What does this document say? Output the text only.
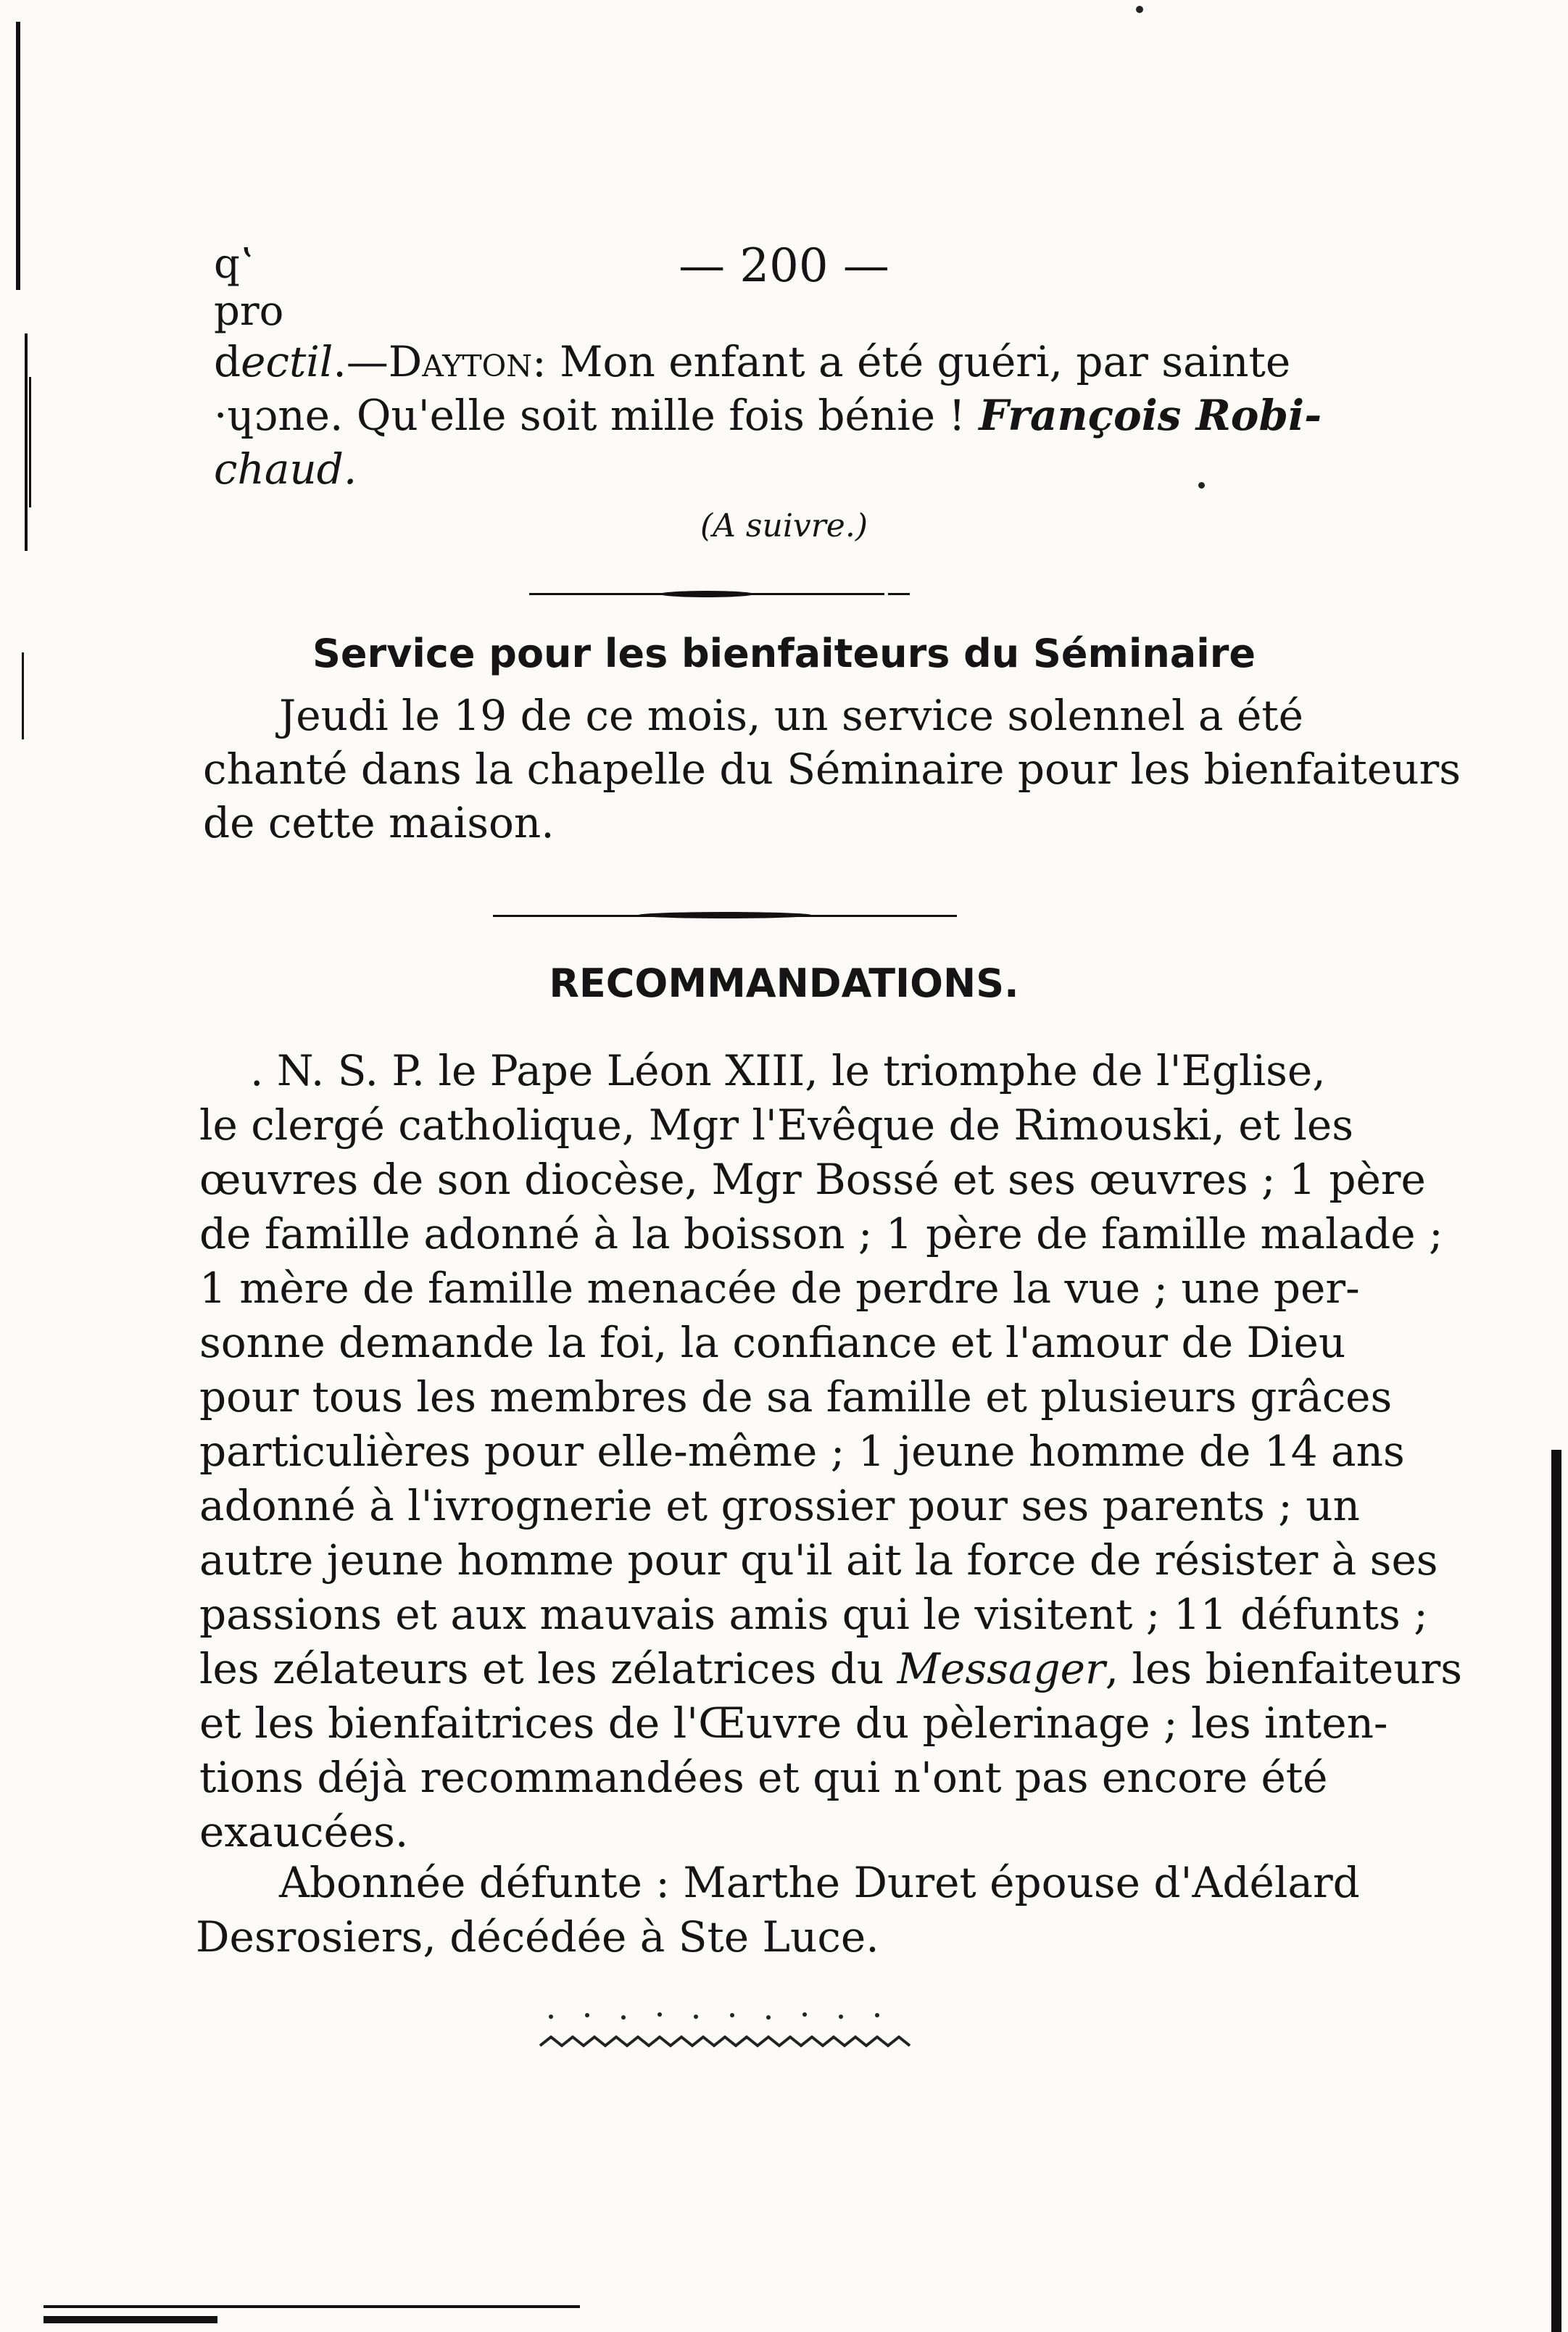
— 200 —
qʽ
pro
dectil.—Dayton: Mon enfant a été guéri, par sainte
·ɥɔne. Qu'elle soit mille fois bénie ! François Robi-
chaud.
(A suivre.)
Service pour les bienfaiteurs du Séminaire
Jeudi le 19 de ce mois, un service solennel a été
chanté dans la chapelle du Séminaire pour les bienfaiteurs
de cette maison.
RECOMMANDATIONS.
. N. S. P. le Pape Léon XIII, le triomphe de l'Eglise,
le clergé catholique, Mgr l'Evêque de Rimouski, et les
œuvres de son diocèse, Mgr Bossé et ses œuvres ; 1 père
de famille adonné à la boisson ; 1 père de famille malade ;
1 mère de famille menacée de perdre la vue ; une per-
sonne demande la foi, la confiance et l'amour de Dieu
pour tous les membres de sa famille et plusieurs grâces
particulières pour elle-même ; 1 jeune homme de 14 ans
adonné à l'ivrognerie et grossier pour ses parents ; un
autre jeune homme pour qu'il ait la force de résister à ses
passions et aux mauvais amis qui le visitent ; 11 défunts ;
les zélateurs et les zélatrices du Messager, les bienfaiteurs
et les bienfaitrices de l'Œuvre du pèlerinage ; les inten-
tions déjà recommandées et qui n'ont pas encore été
exaucées.
Abonnée défunte : Marthe Duret épouse d'Adélard
Desrosiers, décédée à Ste Luce.
